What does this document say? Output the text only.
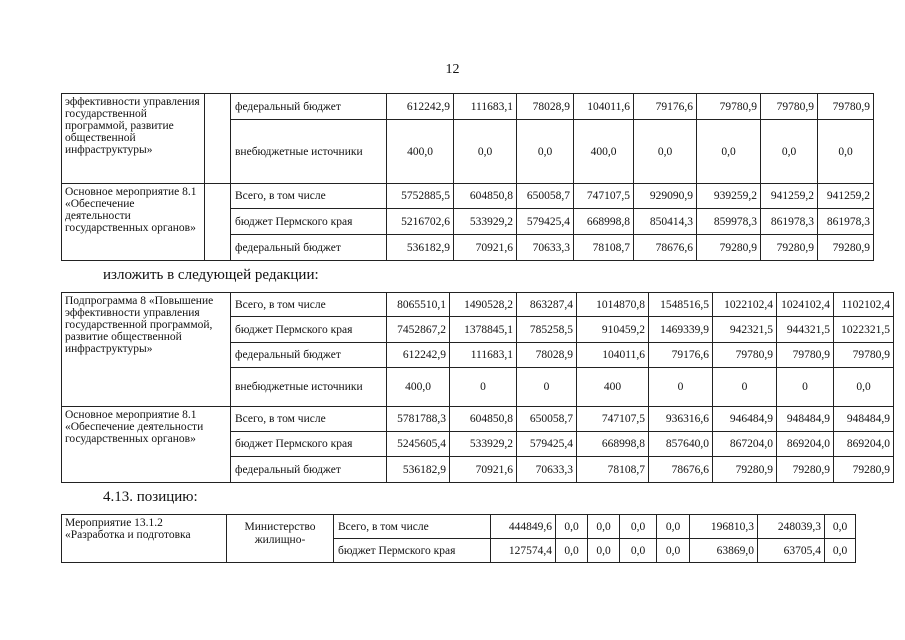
12
эффективности управления государственной программой, развитие общественной инфраструктуры»		федеральный бюджет	612242,9	111683,1	78028,9	104011,6	79176,6	79780,9	79780,9	79780,9
		внебюджетные источники	400,0	0,0	0,0	400,0	0,0	0,0	0,0	0,0
Основное мероприятие 8.1 «Обеспечение деятельности государственных органов»		Всего, в том числе	5752885,5	604850,8	650058,7	747107,5	929090,9	939259,2	941259,2	941259,2
		бюджет Пермского края	5216702,6	533929,2	579425,4	668998,8	850414,3	859978,3	861978,3	861978,3
		федеральный бюджет	536182,9	70921,6	70633,3	78108,7	78676,6	79280,9	79280,9	79280,9
изложить в следующей редакции:
Подпрограмма 8 «Повышение эффективности управления государственной программой, развитие общественной инфраструктуры»	Всего, в том числе	8065510,1	1490528,2	863287,4	1014870,8	1548516,5	1022102,4	1024102,4	1102102,4
	бюджет Пермского края	7452867,2	1378845,1	785258,5	910459,2	1469339,9	942321,5	944321,5	1022321,5
	федеральный бюджет	612242,9	111683,1	78028,9	104011,6	79176,6	79780,9	79780,9	79780,9
	внебюджетные источники	400,0	0	0	400	0	0	0	0,0
Основное мероприятие 8.1 «Обеспечение деятельности государственных органов»	Всего, в том числе	5781788,3	604850,8	650058,7	747107,5	936316,6	946484,9	948484,9	948484,9
	бюджет Пермского края	5245605,4	533929,2	579425,4	668998,8	857640,0	867204,0	869204,0	869204,0
	федеральный бюджет	536182,9	70921,6	70633,3	78108,7	78676,6	79280,9	79280,9	79280,9
4.13. позицию:
Мероприятие 13.1.2 «Разработка и подготовка	Министерство жилищно-	Всего, в том числе	444849,6	0,0	0,0	0,0	0,0	196810,3	248039,3	0,0
		бюджет Пермского края	127574,4	0,0	0,0	0,0	0,0	63869,0	63705,4	0,0
